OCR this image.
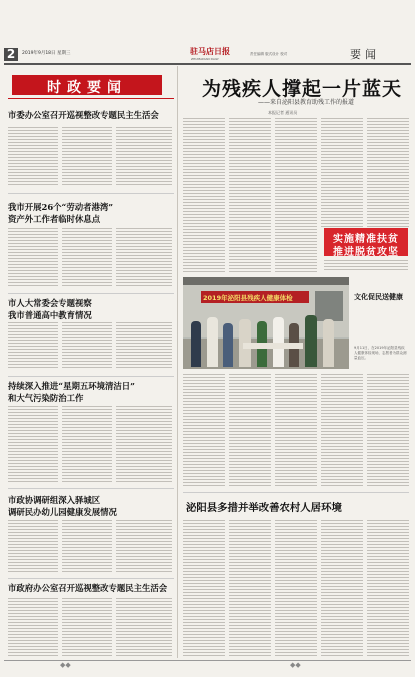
2	2019年9月18日 星期三	驻马店日报
ZHUMADIAN DAILY
责任编辑 版式设计 校对	要闻
时政要闻
市委办公室召开巡视整改专题民主生活会
我市开展26个“劳动者港湾”
资产外工作者临时休息点
市人大常委会专题视察
我市普通高中教育情况
持续深入推进“星期五环境清洁日”
和大气污染防治工作
市政协调研组深入驿城区
调研民办幼儿园健康发展情况
市政府办公室召开巡视整改专题民主生活会
为残疾人撑起一片蓝天
——来自泌阳县教育助残工作的报道
本报记者 通讯员
实施精准扶贫
推进脱贫攻坚
2019年泌阳县残疾人健康体检	文化促民送健康
9月11日，在2019年泌阳县残疾人健康体检现场，志愿者为群众测量血压。
泌阳县多措并举改善农村人居环境
◆◆	◆◆
